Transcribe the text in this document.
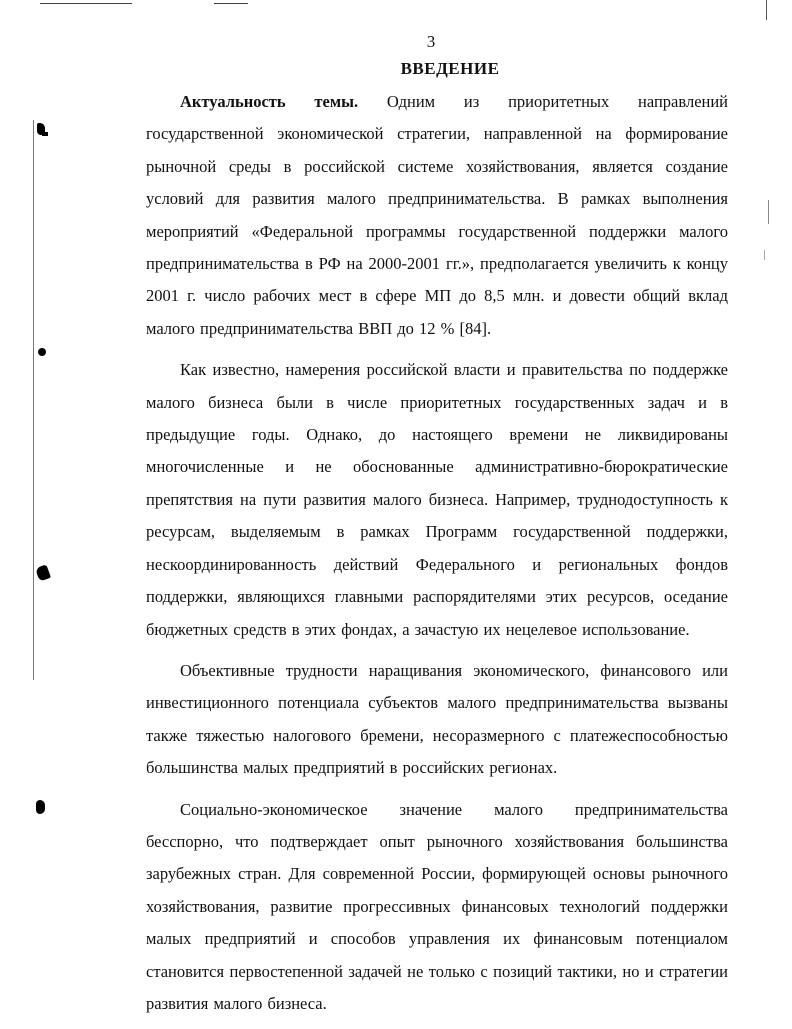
3
ВВЕДЕНИЕ

Актуальность темы. Одним из приоритетных направлений государственной экономической стратегии, направленной на формирование рыночной среды в российской системе хозяйствования, является создание условий для развития малого предпринимательства. В рамках выполнения мероприятий «Федеральной программы государственной поддержки малого предпринимательства в РФ на 2000-2001 гг.», предполагается увеличить к концу 2001 г. число рабочих мест в сфере МП до 8,5 млн. и довести общий вклад малого предпринимательства ВВП до 12 % [84].

Как известно, намерения российской власти и правительства по поддержке малого бизнеса были в числе приоритетных государственных задач и в предыдущие годы. Однако, до настоящего времени не ликвидированы многочисленные и не обоснованные административно-бюрократические препятствия на пути развития малого бизнеса. Например, труднодоступность к ресурсам, выделяемым в рамках Программ государственной поддержки, нескоординированность действий Федерального и региональных фондов поддержки, являющихся главными распорядителями этих ресурсов, оседание бюджетных средств в этих фондах, а зачастую их нецелевое использование.

Объективные трудности наращивания экономического, финансового или инвестиционного потенциала субъектов малого предпринимательства вызваны также тяжестью налогового бремени, несоразмерного с платежеспособностью большинства малых предприятий в российских регионах.

Социально-экономическое значение малого предпринимательства бесспорно, что подтверждает опыт рыночного хозяйствования большинства зарубежных стран. Для современной России, формирующей основы рыночного хозяйствования, развитие прогрессивных финансовых технологий поддержки малых предприятий и способов управления их финансовым потенциалом становится первостепенной задачей не только с позиций тактики, но и стратегии развития малого бизнеса.
